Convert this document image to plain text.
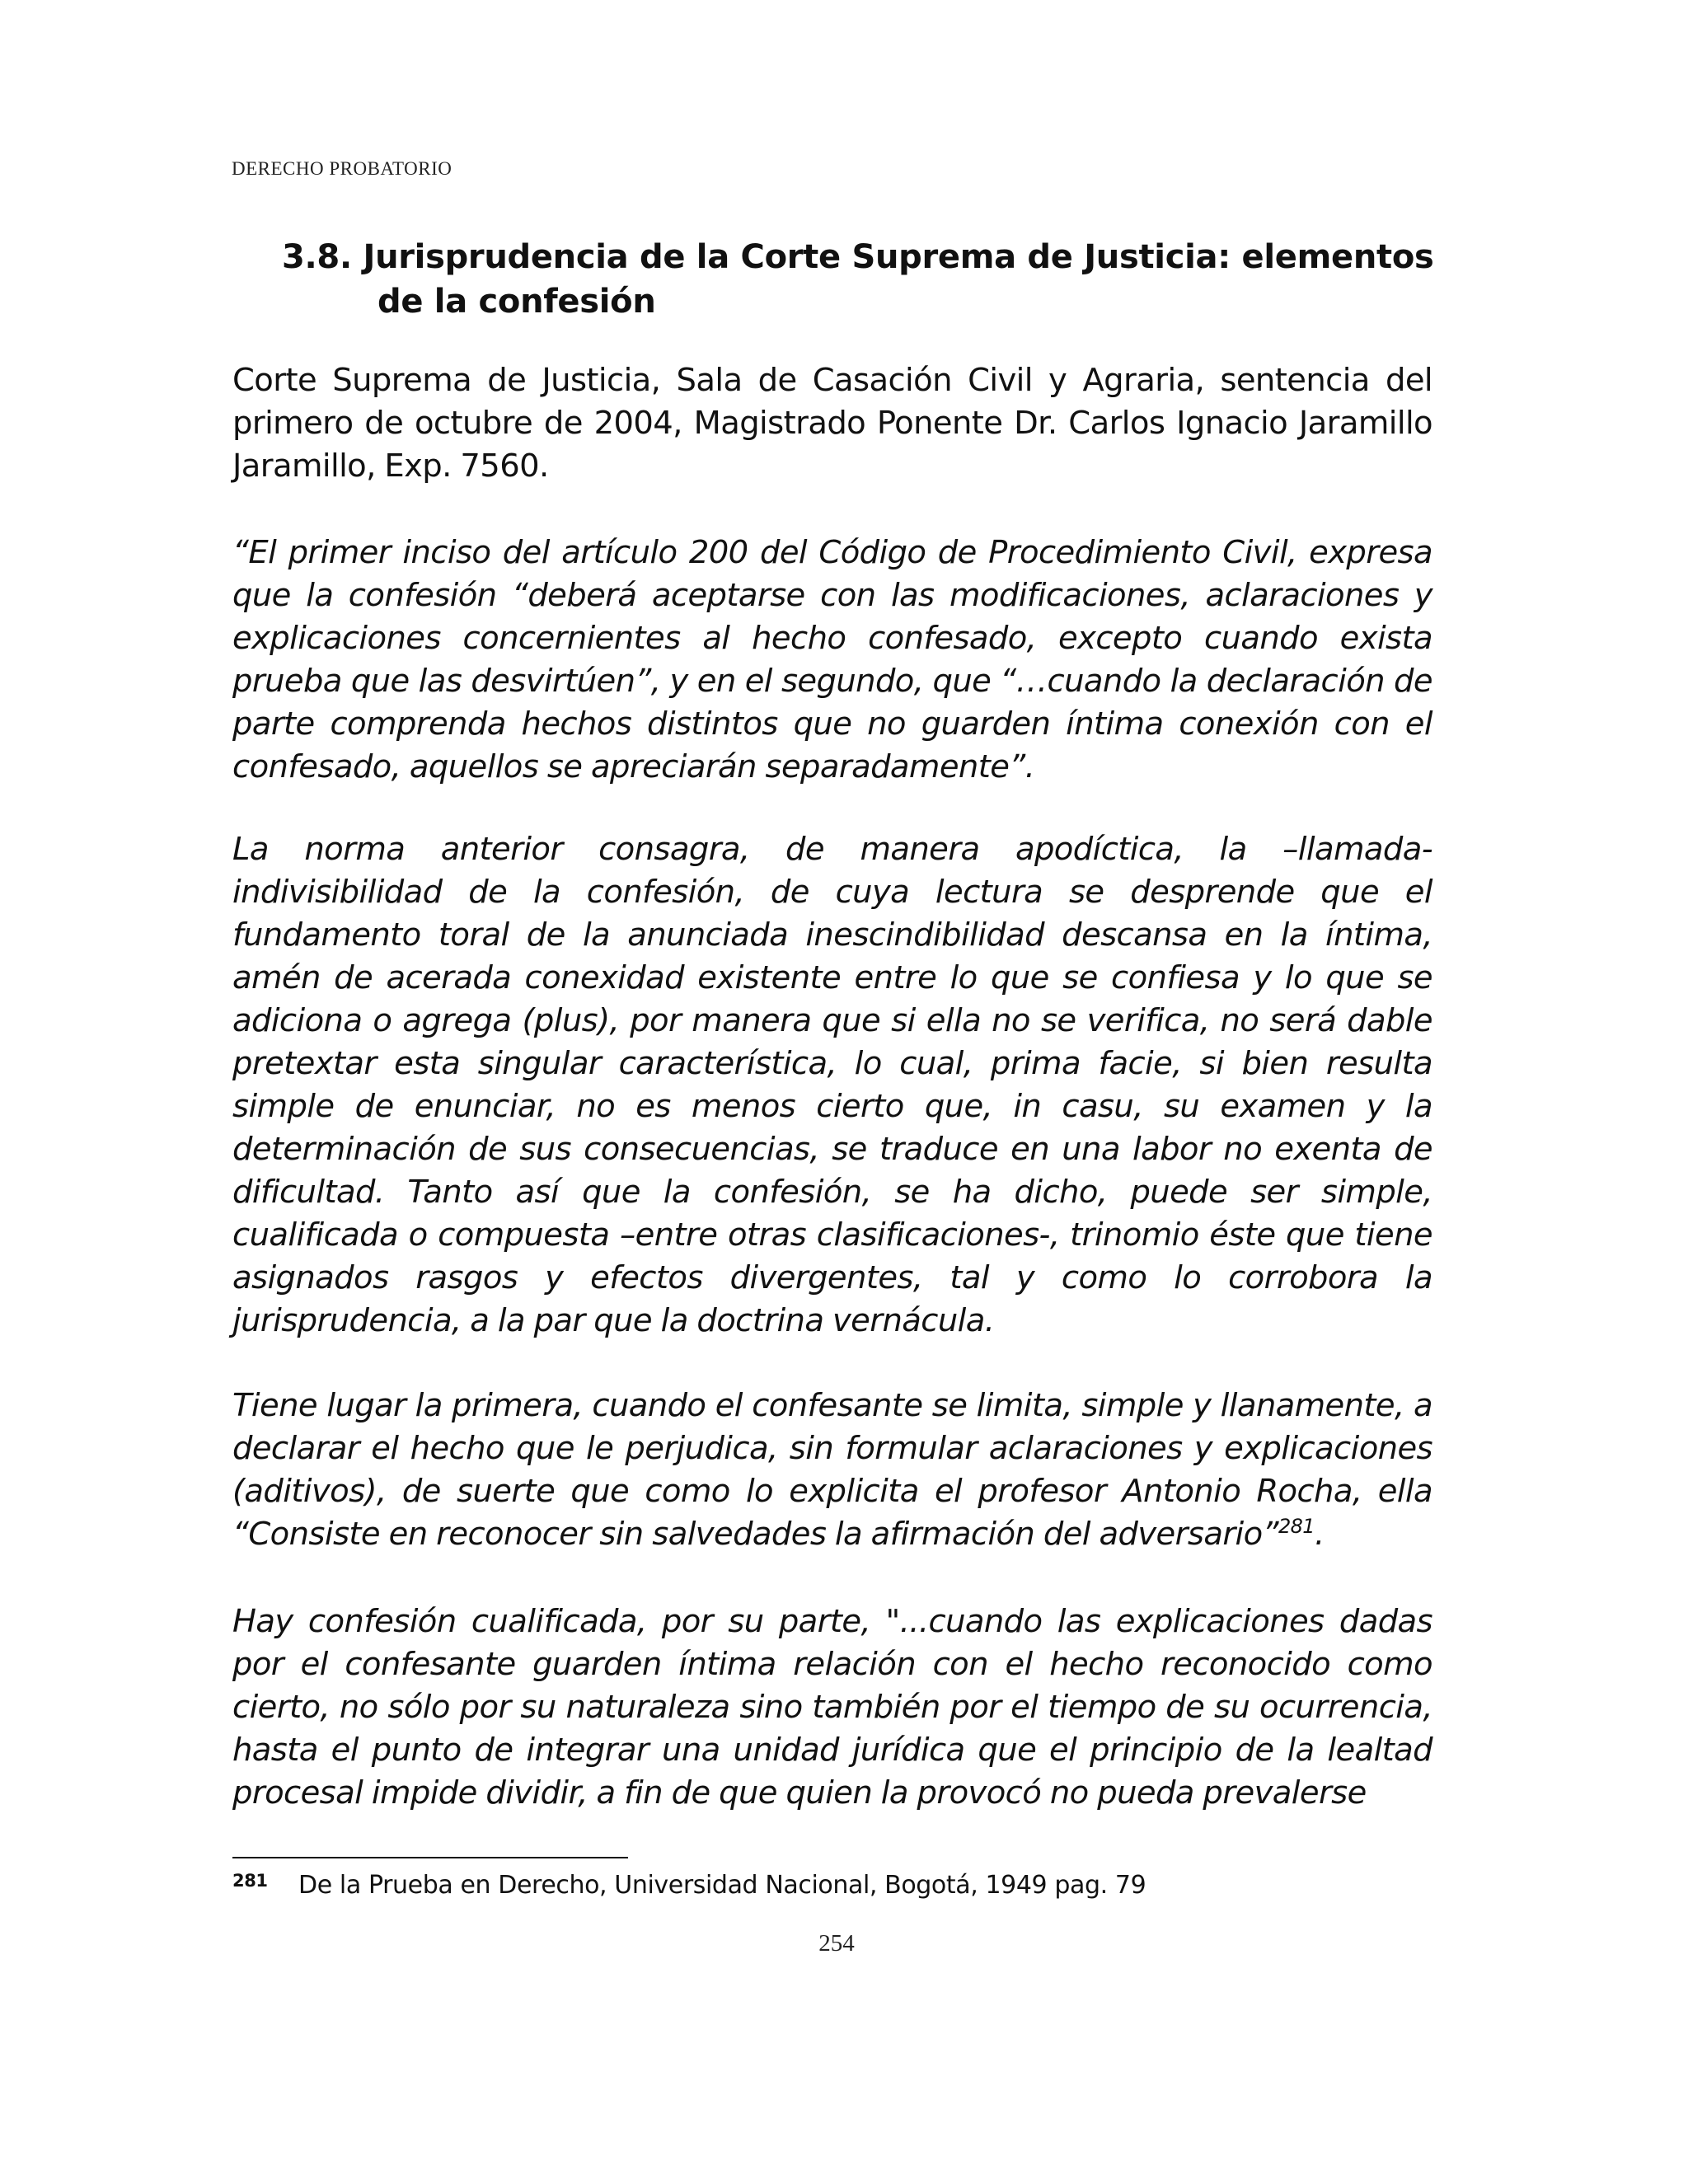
DERECHO PROBATORIO
3.8. Jurisprudencia de la Corte Suprema de Justicia: elementos
de la confesión

Corte Suprema de Justicia, Sala de Casación Civil y Agraria, sentencia del primero de octubre de 2004, Magistrado Ponente Dr. Carlos Ignacio Jaramillo Jaramillo, Exp. 7560.

“El primer inciso del artículo 200 del Código de Procedimiento Civil, expresa que la confesión “deberá aceptarse con las modificaciones, aclaraciones y explicaciones concernientes al hecho confesado, excepto cuando exista prueba que las desvirtúen”, y en el segundo, que “…cuando la declaración de parte comprenda hechos distintos que no guarden íntima conexión con el confesado, aquellos se apreciarán separadamente”.

La norma anterior consagra, de manera apodíctica, la –llamada- indivisibilidad de la confesión, de cuya lectura se desprende que el fundamento toral de la anunciada inescindibilidad descansa en la íntima, amén de acerada conexidad existente entre lo que se confiesa y lo que se adiciona o agrega (plus), por manera que si ella no se verifica, no será dable pretextar esta singular característica, lo cual, prima facie, si bien resulta simple de enunciar, no es menos cierto que, in casu, su examen y la determinación de sus consecuencias, se traduce en una labor no exenta de dificultad. Tanto así que la confesión, se ha dicho, puede ser simple, cualificada o compuesta –entre otras clasificaciones-, trinomio éste que tiene asignados rasgos y efectos divergentes, tal y como lo corrobora la jurisprudencia, a la par que la doctrina vernácula.

Tiene lugar la primera, cuando el confesante se limita, simple y llanamente, a declarar el hecho que le perjudica, sin formular aclaraciones y explicaciones (aditivos), de suerte que como lo explicita el profesor Antonio Rocha, ella “Consiste en reconocer sin salvedades la afirmación del adversario”$^{281}$.

Hay confesión cualificada, por su parte, "...cuando las explicaciones dadas por el confesante guarden íntima relación con el hecho reconocido como cierto, no sólo por su naturaleza sino también por el tiempo de su ocurrencia, hasta el punto de integrar una unidad jurídica que el principio de la lealtad procesal impide dividir, a fin de que quien la provocó no pueda prevalerse

281 De la Prueba en Derecho, Universidad Nacional, Bogotá, 1949 pag. 79
254
